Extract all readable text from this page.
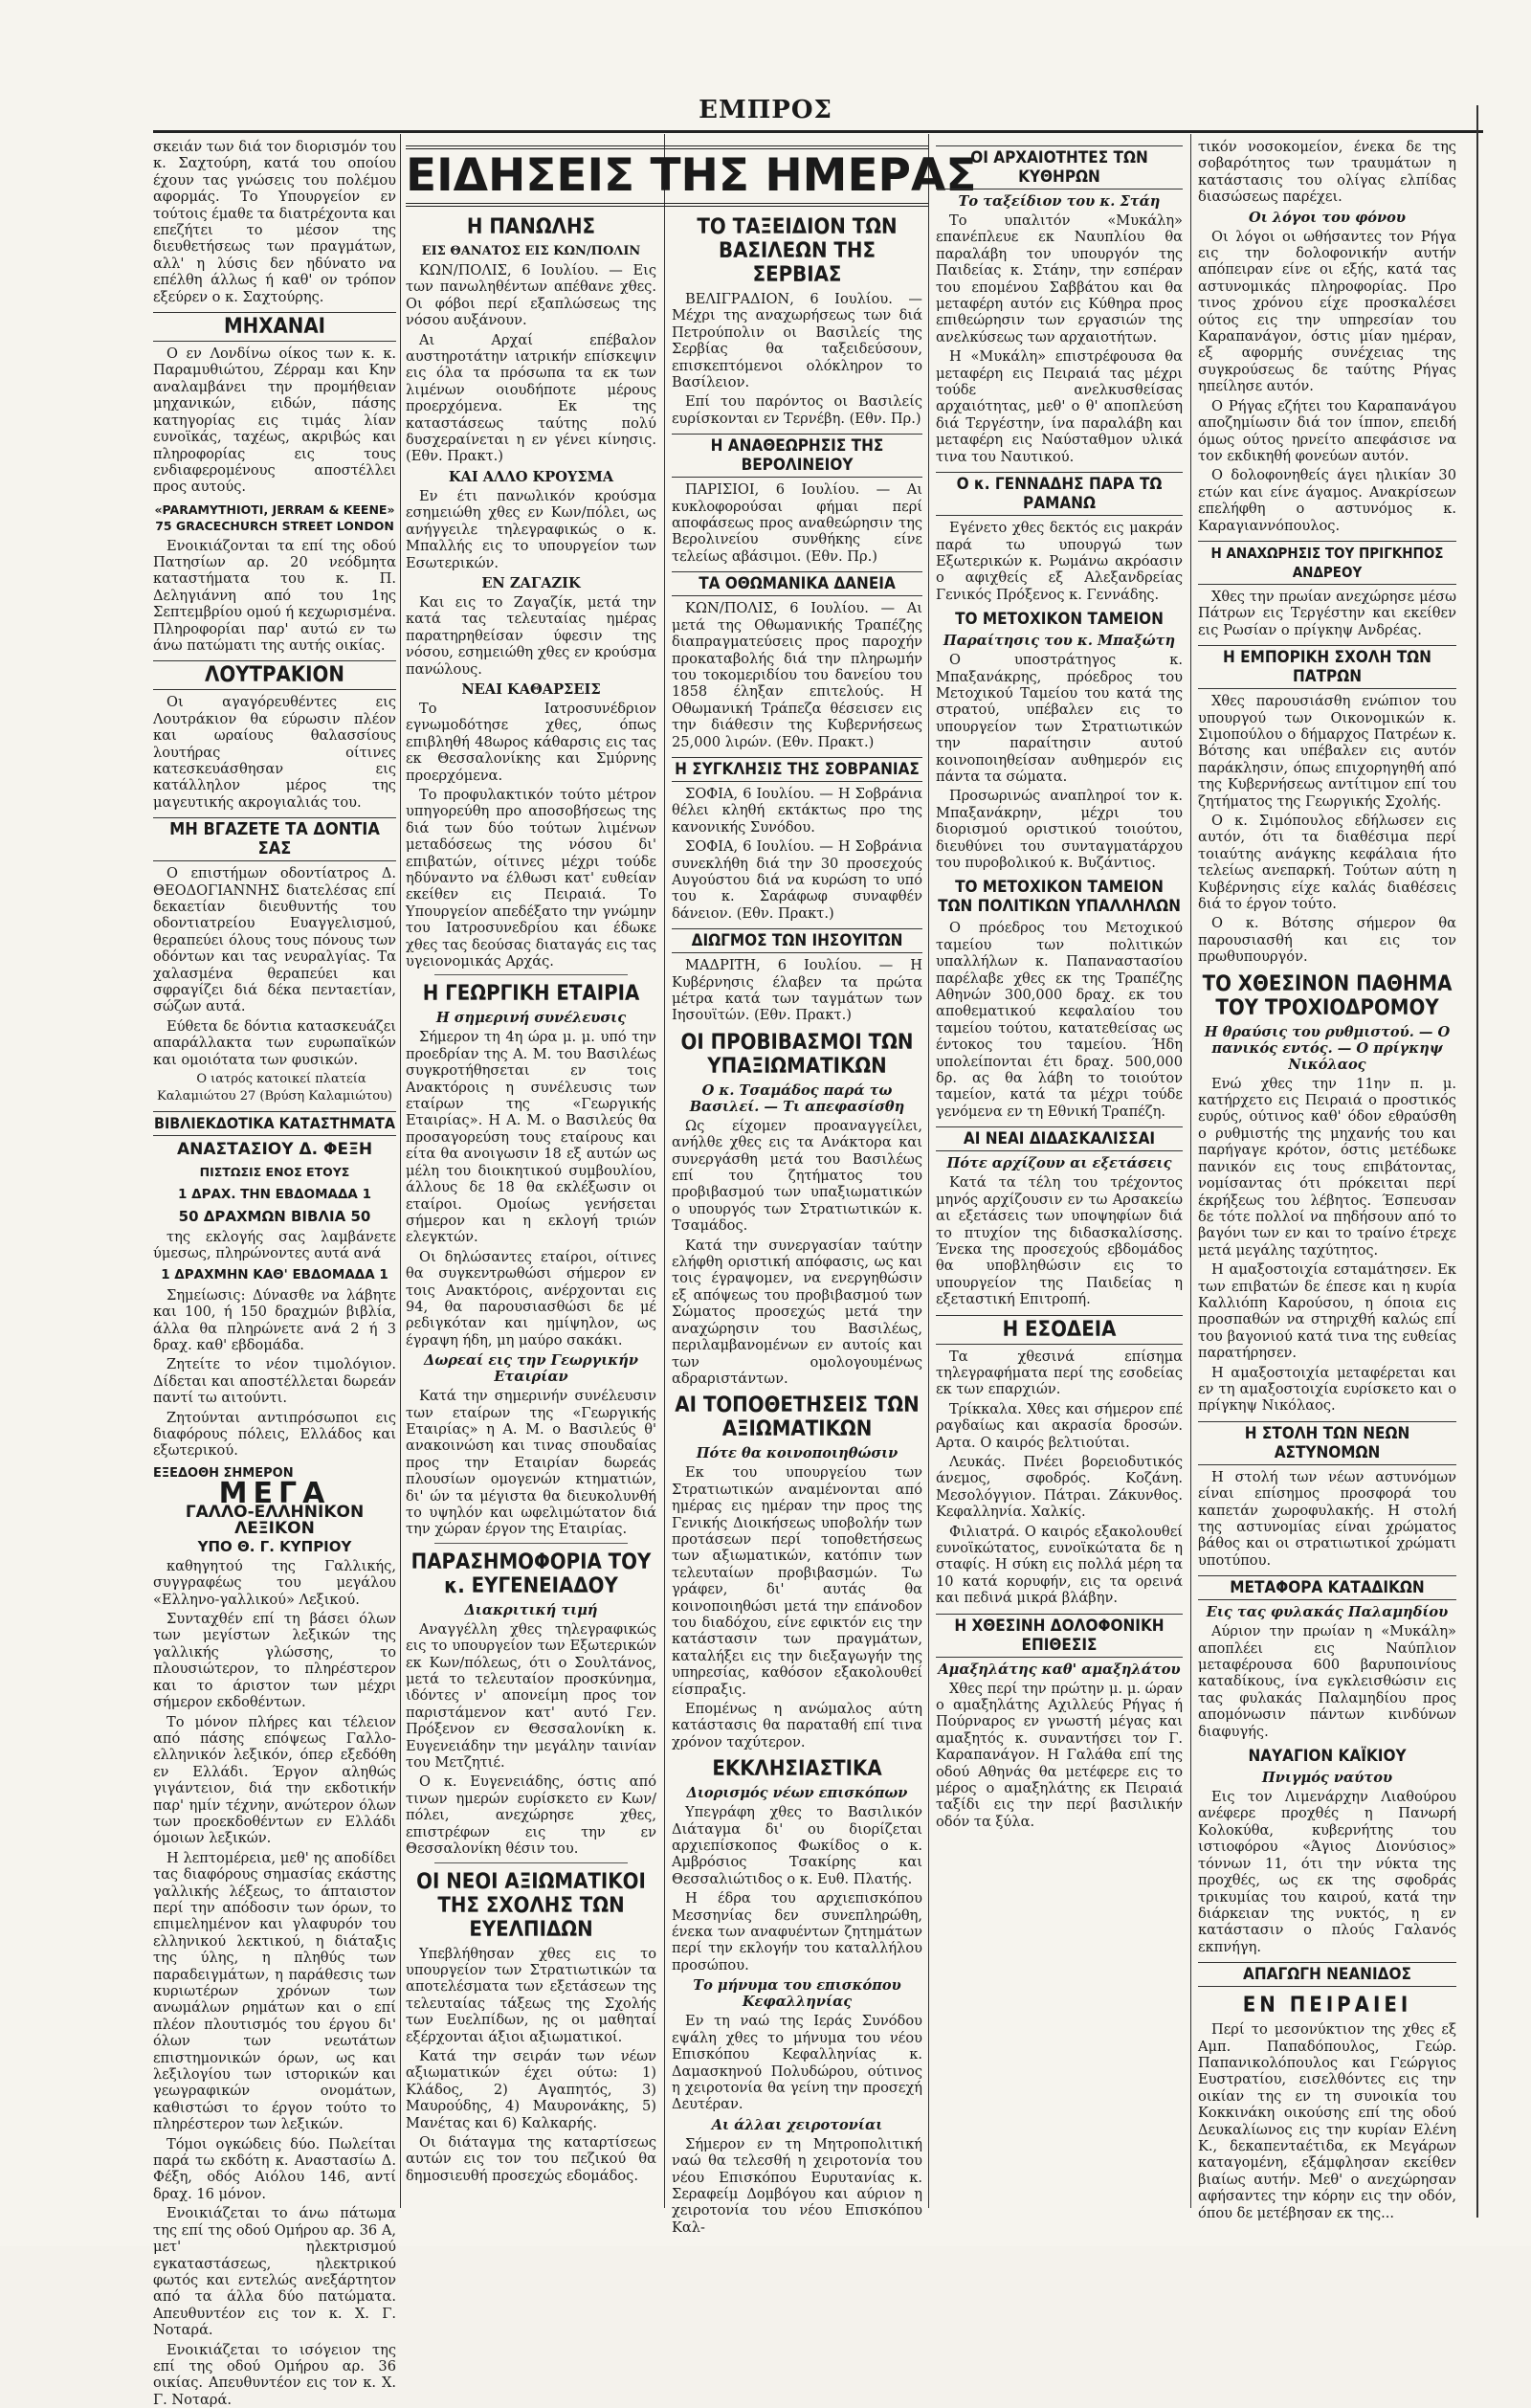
ΕΜΠΡΟΣ

σκειάν των διά τον διορισμόν του κ. Σαχτούρη, κατά του οποίου έχουν τας γνώσεις του πολέμου αφορμάς. Το Υπουργείον εν τούτοις έμαθε τα διατρέχοντα και επεζήτει το μέσον της διευθετήσεως των πραγμάτων, αλλ' η λύσις δεν ηδύνατο να επέλθη άλλως ή καθ' ον τρόπον εξεύρεν ο κ. Σαχτούρης.

ΜΗΧΑΝΑΙ

Ο εν Λονδίνω οίκος των κ. κ. Παραμυθιώτου, Ζέρραμ και Κην αναλαμβάνει την προμήθειαν μηχανικών, ειδών, πάσης κατηγορίας εις τιμάς λίαν ευνοϊκάς, ταχέως, ακριβώς και πληροφορίας εις τους ενδιαφερομένους αποστέλλει προς αυτούς.

«PARAMYTHIOTI, JERRAM & KEENE» 75 GRACECHURCH STREET LONDON

Ενοικιάζονται τα επί της οδού Πατησίων αρ. 20 νεόδμητα καταστήματα του κ. Π. Δεληγιάννη από του 1ης Σεπτεμβρίου ομού ή κεχωρισμένα. Πληροφορίαι παρ' αυτώ εν τω άνω πατώματι της αυτής οικίας.

ΛΟΥΤΡΑΚΙΟΝ

Οι αγαγόρευθέντες εις Λουτράκιον θα εύρωσιν πλέον και ωραίους θαλασσίους λουτήρας οίτινες κατεσκευάσθησαν εις κατάλληλον μέρος της μαγευτικής ακρογιαλιάς του.

ΜΗ ΒΓΑΖΕΤΕ ΤΑ ΔΟΝΤΙΑ ΣΑΣ

Ο επιστήμων οδοντίατρος Δ. ΘΕΟΔΟΓΙΑΝΝΗΣ διατελέσας επί δεκαετίαν διευθυντής του οδοντιατρείου Ευαγγελισμού, θεραπεύει όλους τους πόνους των οδόντων και τας νευραλγίας. Τα χαλασμένα θεραπεύει και σφραγίζει διά δέκα πενταετίαν, σώζων αυτά.

Εύθετα δε δόντια κατασκευάζει απαράλλακτα των ευρωπαϊκών και ομοιότατα των φυσικών.

Ο ιατρός κατοικεί πλατεία Καλαμιώτου 27 (Βρύση Καλαμιώτου)

ΒΙΒΛΙΕΚΔΟΤΙΚΑ ΚΑΤΑΣΤΗΜΑΤΑ
ΑΝΑΣΤΑΣΙΟΥ Δ. ΦΕΞΗ
ΠΙΣΤΩΣΙΣ ΕΝΟΣ ΕΤΟΥΣ
1 ΔΡΑΧ. ΤΗΝ ΕΒΔΟΜΑΔΑ 1
50 ΔΡΑΧΜΩΝ ΒΙΒΛΙΑ 50

της εκλογής σας λαμβάνετε ύμεσως, πληρώνοντες αυτά ανά

1 ΔΡΑΧΜΗΝ ΚΑΘ' ΕΒΔΟΜΑΔΑ 1

Σημείωσις: Δύνασθε να λάβητε και 100, ή 150 δραχμών βιβλία, άλλα θα πληρώνετε ανά 2 ή 3 δραχ. καθ' εβδομάδα.

Ζητείτε το νέον τιμολόγιον. Δίδεται και αποστέλλεται δωρεάν παντί τω αιτούντι.

Ζητούνται αντιπρόσωποι εις διαφόρους πόλεις, Ελλάδος και εξωτερικού.

ΕΞΕΔΟΘΗ ΣΗΜΕΡΟΝ
ΜΕΓΑ
ΓΑΛΛΟ-ΕΛΛΗΝΙΚΟΝ ΛΕΞΙΚΟΝ
ΥΠΟ Θ. Γ. ΚΥΠΡΙΟΥ

καθηγητού της Γαλλικής, συγγραφέως του μεγάλου «Ελληνο-γαλλικού» Λεξικού.

Συνταχθέν επί τη βάσει όλων των μεγίστων λεξικών της γαλλικής γλώσσης, το πλουσιώτερον, το πληρέστερον και το άριστον των μέχρι σήμερον εκδοθέντων.

Το μόνον πλήρες και τέλειον από πάσης επόψεως Γαλλο-ελληνικόν λεξικόν, όπερ εξεδόθη εν Ελλάδι. Έργον αληθώς γιγάντειον, διά την εκδοτικήν παρ' ημίν τέχνην, ανώτερον όλων των προεκδοθέντων εν Ελλάδι όμοιων λεξικών.

Η λεπτομέρεια, μεθ' ης αποδίδει τας διαφόρους σημασίας εκάστης γαλλικής λέξεως, το άπταιστον περί την απόδοσιν των όρων, το επιμελημένον και γλαφυρόν του ελληνικού λεκτικού, η διάταξις της ύλης, η πληθύς των παραδειγμάτων, η παράθεσις των κυριωτέρων χρόνων των ανωμάλων ρημάτων και ο επί πλέον πλουτισμός του έργου δι' όλων των νεωτάτων επιστημονικών όρων, ως και λεξιλογίου των ιστορικών και γεωγραφικών ονομάτων, καθιστώσι το έργον τούτο το πληρέστερον των λεξικών.

Τόμοι ογκώδεις δύο. Πωλείται παρά τω εκδότη κ. Αναστασίω Δ. Φέξη, οδός Αιόλου 146, αντί δραχ. 16 μόνον.

Ενοικιάζεται το άνω πάτωμα της επί της οδού Ομήρου αρ. 36 Α, μετ' ηλεκτρισμού εγκαταστάσεως, ηλεκτρικού φωτός και εντελώς ανεξάρτητον από τα άλλα δύο πατώματα. Απευθυντέον εις τον κ. Χ. Γ. Νοταρά.

Ενοικιάζεται το ισόγειον της επί της οδού Ομήρου αρ. 36 οικίας. Απευθυντέον εις τον κ. Χ. Γ. Νοταρά.

ΕΙΔΗΣΕΙΣ ΤΗΣ ΗΜΕΡΑΣ
Η ΠΑΝΩΛΗΣ
ΕΙΣ ΘΑΝΑΤΟΣ ΕΙΣ ΚΩΝ/ΠΟΛΙΝ

ΚΩΝ/ΠΟΛΙΣ, 6 Ιουλίου. — Εις των πανωληθέντων απέθανε χθες. Οι φόβοι περί εξαπλώσεως της νόσου αυξάνουν.

Αι Αρχαί επέβαλον αυστηροτάτην ιατρικήν επίσκεψιν εις όλα τα πρόσωπα τα εκ των λιμένων οιουδήποτε μέρους προερχόμενα. Εκ της καταστάσεως ταύτης πολύ δυσχεραίνεται η εν γένει κίνησις. (Εθν. Πρακτ.)

ΚΑΙ ΑΛΛΟ ΚΡΟΥΣΜΑ

Εν έτι πανωλικόν κρούσμα εσημειώθη χθες εν Κων/πόλει, ως ανήγγειλε τηλεγραφικώς ο κ. Μπαλλής εις το υπουργείον των Εσωτερικών.

ΕΝ ΖΑΓΑΖΙΚ

Και εις το Ζαγαζίκ, μετά την κατά τας τελευταίας ημέρας παρατηρηθείσαν ύφεσιν της νόσου, εσημειώθη χθες εν κρούσμα πανώλους.

ΝΕΑΙ ΚΑΘΑΡΣΕΙΣ

Το Ιατροσυνέδριον εγνωμοδότησε χθες, όπως επιβληθή 48ωρος κάθαρσις εις τας εκ Θεσσαλονίκης και Σμύρνης προερχόμενα.

Το προφυλακτικόν τούτο μέτρον υπηγορεύθη προ αποσοβήσεως της διά των δύο τούτων λιμένων μεταδόσεως της νόσου δι' επιβατών, οίτινες μέχρι τούδε ηδύναντο να έλθωσι κατ' ευθείαν εκείθεν εις Πειραιά. Το Υπουργείον απεδέξατο την γνώμην του Ιατροσυνεδρίου και έδωκε χθες τας δεούσας διαταγάς εις τας υγειονομικάς Αρχάς.

Η ΓΕΩΡΓΙΚΗ ΕΤΑΙΡΙΑ
Η σημερινή συνέλευσις

Σήμερον τη 4η ώρα μ. μ. υπό την προεδρίαν της Α. Μ. του Βασιλέως συγκροτήθησεται εν τοις Ανακτόροις η συνέλευσις των εταίρων της «Γεωργικής Εταιρίας». Η Α. Μ. ο Βασιλεύς θα προσαγορεύση τους εταίρους και είτα θα ανοιγωσιν 18 εξ αυτών ως μέλη του διοικητικού συμβουλίου, άλλους δε 18 θα εκλέξωσιν οι εταίροι. Ομοίως γενήσεται σήμερον και η εκλογή τριών ελεγκτών.

Οι δηλώσαντες εταίροι, οίτινες θα συγκεντρωθώσι σήμερον εν τοις Ανακτόροις, ανέρχονται εις 94, θα παρουσιασθώσι δε μέ ρεδιγκόταν και ημίψηλον, ως έγραψη ήδη, μη μαύρο σακάκι.

Δωρεαί εις την Γεωργικήν Εταιρίαν

Κατά την σημερινήν συνέλευσιν των εταίρων της «Γεωργικής Εταιρίας» η Α. Μ. ο Βασιλεύς θ' ανακοινώση και τινας σπουδαίας προς την Εταιρίαν δωρεάς πλουσίων ομογενών κτηματιών, δι' ών τα μέγιστα θα διευκολυνθή το υψηλόν και ωφελιμώτατον διά την χώραν έργον της Εταιρίας.

ΠΑΡΑΣΗΜΟΦΟΡΙΑ ΤΟΥ κ. ΕΥΓΕΝΕΙΑΔΟΥ
Διακριτική τιμή

Αναγγέλλη χθες τηλεγραφικώς εις το υπουργείον των Εξωτερικών εκ Κων/πόλεως, ότι ο Σουλτάνος, μετά το τελευταίον προσκύνημα, ιδόντες ν' απονείμη προς τον παριστάμενον κατ' αυτό Γεν. Πρόξενον εν Θεσσαλονίκη κ. Ευγενειάδην την μεγάλην ταινίαν του Μετζητιέ.

Ο κ. Ευγενειάδης, όστις από τινων ημερών ευρίσκετο εν Κων/πόλει, ανεχώρησε χθες, επιστρέφων εις την εν Θεσσαλονίκη θέσιν του.

ΟΙ ΝΕΟΙ ΑΞΙΩΜΑΤΙΚΟΙ ΤΗΣ ΣΧΟΛΗΣ ΤΩΝ ΕΥΕΛΠΙΔΩΝ

Υπεβλήθησαν χθες εις το υπουργείον των Στρατιωτικών τα αποτελέσματα των εξετάσεων της τελευταίας τάξεως της Σχολής των Ευελπίδων, ης οι μαθηταί εξέρχονται άξιοι αξιωματικοί.

Κατά την σειράν των νέων αξιωματικών έχει ούτω: 1) Κλάδος, 2) Αγαπητός, 3) Μαυρούδης, 4) Μαυρονάκης, 5) Μανέτας και 6) Καλκαρής.

Οι διάταγμα της καταρτίσεως αυτών εις τον του πεζικού θα δημοσιευθή προσεχώς εδομάδος.

ΤΟ ΤΑΞΕΙΔΙΟΝ ΤΩΝ ΒΑΣΙΛΕΩΝ ΤΗΣ ΣΕΡΒΙΑΣ

ΒΕΛΙΓΡΑΔΙΟΝ, 6 Ιουλίου. — Μέχρι της αναχωρήσεως των διά Πετρούπολιν οι Βασιλείς της Σερβίας θα ταξειδεύσουν, επισκεπτόμενοι ολόκληρον το Βασίλειον.

Επί του παρόντος οι Βασιλείς ευρίσκονται εν Τερνέβη. (Εθν. Πρ.)

Η ΑΝΑΘΕΩΡΗΣΙΣ ΤΗΣ ΒΕΡΟΛΙΝΕΙΟΥ

ΠΑΡΙΣΙΟΙ, 6 Ιουλίου. — Αι κυκλοφορούσαι φήμαι περί αποφάσεως προς αναθεώρησιν της Βερολινείου συνθήκης είνε τελείως αβάσιμοι. (Εθν. Πρ.)

ΤΑ ΟΘΩΜΑΝΙΚΑ ΔΑΝΕΙΑ

ΚΩΝ/ΠΟΛΙΣ, 6 Ιουλίου. — Αι μετά της Οθωμανικής Τραπέζης διαπραγματεύσεις προς παροχήν προκαταβολής διά την πληρωμήν του τοκομεριδίου του δανείου του 1858 έληξαν επιτελούς. Η Οθωμανική Τράπεζα θέσεισεν εις την διάθεσιν της Κυβερνήσεως 25,000 λιρών. (Εθν. Πρακτ.)

Η ΣΥΓΚΛΗΣΙΣ ΤΗΣ ΣΟΒΡΑΝΙΑΣ

ΣΟΦΙΑ, 6 Ιουλίου. — Η Σοβράνια θέλει κληθή εκτάκτως προ της κανονικής Συνόδου.

ΣΟΦΙΑ, 6 Ιουλίου. — Η Σοβράνια συνεκλήθη διά την 30 προσεχούς Αυγούστου διά να κυρώση το υπό του κ. Σαράφωφ συναφθέν δάνειον. (Εθν. Πρακτ.)

ΔΙΩΓΜΟΣ ΤΩΝ ΙΗΣΟΥΙΤΩΝ

ΜΑΔΡΙΤΗ, 6 Ιουλίου. — Η Κυβέρνησις έλαβεν τα πρώτα μέτρα κατά των ταγμάτων των Ιησουϊτών. (Εθν. Πρακτ.)

ΟΙ ΠΡΟΒΙΒΑΣΜΟΙ ΤΩΝ ΥΠΑΞΙΩΜΑΤΙΚΩΝ
Ο κ. Τσαμάδος παρά τω Βασιλεί. — Τι απεφασίσθη

Ως είχομεν προαναγγείλει, ανήλθε χθες εις τα Ανάκτορα και συνεργάσθη μετά του Βασιλέως επί του ζητήματος του προβιβασμού των υπαξιωματικών ο υπουργός των Στρατιωτικών κ. Τσαμάδος.

Κατά την συνεργασίαν ταύτην ελήφθη οριστική απόφασις, ως και τοις έγραψομεν, να ενεργηθώσιν εξ απόψεως του προβιβασμού των Σώματος προσεχώς μετά την αναχώρησιν του Βασιλέως, περιλαμβανομένων εν αυτοίς και των ομολογουμένως αδραριστάντων.

ΑΙ ΤΟΠΟΘΕΤΗΣΕΙΣ ΤΩΝ ΑΞΙΩΜΑΤΙΚΩΝ
Πότε θα κοινοποιηθώσιν

Εκ του υπουργείου των Στρατιωτικών αναμένονται από ημέρας εις ημέραν την προς της Γενικής Διοικήσεως υποβολήν των προτάσεων περί τοποθετήσεως των αξιωματικών, κατόπιν των τελευταίων προβιβασμών. Τω γράφεν, δι' αυτάς θα κοινοποιηθώσι μετά την επάνοδον του διαδόχου, είνε εφικτόν εις την κατάστασιν των πραγμάτων, καταλήξει εις την διεξαγωγήν της υπηρεσίας, καθόσον εξακολουθεί είσπραξις.

Επομένως η ανώμαλος αύτη κατάστασις θα παραταθή επί τινα χρόνον ταχύτερον.

ΕΚΚΛΗΣΙΑΣΤΙΚΑ
Διορισμός νέων επισκόπων

Υπεγράφη χθες το Βασιλικόν Διάταγμα δι' ου διορίζεται αρχιεπίσκοπος Φωκίδος ο κ. Αμβρόσιος Τσακίρης και Θεσσαλιώτιδος ο κ. Ευθ. Πλατής.

Η έδρα του αρχιεπισκόπου Μεσσηνίας δεν συνεπληρώθη, ένεκα των αναφυέντων ζητημάτων περί την εκλογήν του καταλλήλου προσώπου.

Το μήνυμα του επισκόπου Κεφαλληνίας

Εν τη ναώ της Ιεράς Συνόδου εψάλη χθες το μήνυμα του νέου Επισκόπου Κεφαλληνίας κ. Δαμασκηνού Πολυδώρου, ούτινος η χειροτονία θα γείνη την προσεχή Δευτέραν.

Αι άλλαι χειροτονίαι

Σήμερον εν τη Μητροπολιτική ναώ θα τελεσθή η χειροτονία του νέου Επισκόπου Ευρυτανίας κ. Σεραφείμ Δομβόγου και αύριον η χειροτονία του νέου Επισκόπου Καλ-

ΟΙ ΑΡΧΑΙΟΤΗΤΕΣ ΤΩΝ ΚΥΘΗΡΩΝ
Το ταξείδιον του κ. Στάη

Το υπαλιτόν «Μυκάλη» επανέπλευε εκ Ναυπλίου θα παραλάβη τον υπουργόν της Παιδείας κ. Στάην, την εσπέραν του επομένου Σαββάτου και θα μεταφέρη αυτόν εις Κύθηρα προς επιθεώρησιν των εργασιών της ανελκύσεως των αρχαιοτήτων.

Η «Μυκάλη» επιστρέφουσα θα μεταφέρη εις Πειραιά τας μέχρι τούδε ανελκυσθείσας αρχαιότητας, μεθ' ο θ' αποπλεύση διά Τεργέστην, ίνα παραλάβη και μεταφέρη εις Ναύσταθμον υλικά τινα του Ναυτικού.

Ο κ. ΓΕΝΝΑΔΗΣ ΠΑΡΑ ΤΩ ΡΑΜΑΝΩ

Εγένετο χθες δεκτός εις μακράν παρά τω υπουργώ των Εξωτερικών κ. Ρωμάνω ακρόασιν ο αφιχθείς εξ Αλεξανδρείας Γενικός Πρόξενος κ. Γεννάδης.

ΤΟ ΜΕΤΟΧΙΚΟΝ ΤΑΜΕΙΟΝ
Παραίτησις του κ. Μπαξώτη

Ο υποστράτηγος κ. Μπαξανάκρης, πρόεδρος του Μετοχικού Ταμείου του κατά της στρατού, υπέβαλεν εις το υπουργείον των Στρατιωτικών την παραίτησιν αυτού κοινοποιηθείσαν αυθημερόν εις πάντα τα σώματα.

Προσωρινώς αναπληροί τον κ. Μπαξανάκρην, μέχρι του διορισμού οριστικού τοιούτου, διευθύνει του συνταγματάρχου του πυροβολικού κ. Βυζάντιος.

ΤΟ ΜΕΤΟΧΙΚΟΝ ΤΑΜΕΙΟΝ ΤΩΝ ΠΟΛΙΤΙΚΩΝ ΥΠΑΛΛΗΛΩΝ

Ο πρόεδρος του Μετοχικού ταμείου των πολιτικών υπαλλήλων κ. Παπαναστασίου παρέλαβε χθες εκ της Τραπέζης Αθηνών 300,000 δραχ. εκ του αποθεματικού κεφαλαίου του ταμείου τούτου, κατατεθείσας ως έντοκος του ταμείου. Ήδη υπολείπονται έτι δραχ. 500,000 δρ. ας θα λάβη το τοιούτον ταμείον, κατά τα μέχρι τούδε γενόμενα εν τη Εθνική Τραπέζη.

ΑΙ ΝΕΑΙ ΔΙΔΑΣΚΑΛΙΣΣΑΙ
Πότε αρχίζουν αι εξετάσεις

Κατά τα τέλη του τρέχοντος μηνός αρχίζουσιν εν τω Αρσακείω αι εξετάσεις των υποψηφίων διά το πτυχίον της διδασκαλίσσης. Ένεκα της προσεχούς εβδομάδος θα υποβληθώσιν εις το υπουργείον της Παιδείας η εξεταστική Επιτροπή.

Η ΕΣΟΔΕΙΑ

Τα χθεσινά επίσημα τηλεγραφήματα περί της εσοδείας εκ των επαρχιών.

Τρίκκαλα. Χθες και σήμερον επέ ραγδαίως και ακρασία δροσών. Αρτα. Ο καιρός βελτιούται.

Λευκάς. Πνέει βορειοδυτικός άνεμος, σφοδρός. Κοζάνη. Μεσολόγγιον. Πάτραι. Ζάκυνθος. Κεφαλληνία. Χαλκίς.

Φιλιατρά. Ο καιρός εξακολουθεί ευνοϊκώτατος, ευνοϊκώτατα δε η σταφίς. Η σύκη εις πολλά μέρη τα 10 κατά κορυφήν, εις τα ορεινά και πεδινά μικρά βλάβην.

Η ΧΘΕΣΙΝΗ ΔΟΛΟΦΟΝΙΚΗ ΕΠΙΘΕΣΙΣ
Αμαξηλάτης καθ' αμαξηλάτου

Χθες περί την πρώτην μ. μ. ώραν ο αμαξηλάτης Αχιλλεύς Ρήγας ή Πούρναρος εν γνωστή μέγας και αμαξητός κ. συναντήσει τον Γ. Καραπανάγον. Η Γαλάθα επί της οδού Αθηνάς θα μετέφερε εις το μέρος ο αμαξηλάτης εκ Πειραιά ταξίδι εις την περί βασιλικήν οδόν τα ξύλα.

τικόν νοσοκομείον, ένεκα δε της σοβαρότητος των τραυμάτων η κατάστασις του ολίγας ελπίδας διασώσεως παρέχει.

Οι λόγοι του φόνου

Οι λόγοι οι ωθήσαντες τον Ρήγα εις την δολοφονικήν αυτήν απόπειραν είνε οι εξής, κατά τας αστυνομικάς πληροφορίας. Προ τινος χρόνου είχε προσκαλέσει ούτος εις την υπηρεσίαν του Καραπανάγον, όστις μίαν ημέραν, εξ αφορμής συνέχειας της συγκρούσεως δε ταύτης Ρήγας ηπείλησε αυτόν.

Ο Ρήγας εζήτει του Καραπανάγου αποζημίωσιν διά τον ίππον, επειδή όμως ούτος ηρνείτο απεφάσισε να τον εκδικηθή φονεύων αυτόν.

Ο δολοφονηθείς άγει ηλικίαν 30 ετών και είνε άγαμος. Ανακρίσεων επελήφθη ο αστυνόμος κ. Καραγιαννόπουλος.

Η ΑΝΑΧΩΡΗΣΙΣ ΤΟΥ ΠΡΙΓΚΗΠΟΣ ΑΝΔΡΕΟΥ

Χθες την πρωίαν ανεχώρησε μέσω Πάτρων εις Τεργέστην και εκείθεν εις Ρωσίαν ο πρίγκηψ Ανδρέας.

Η ΕΜΠΟΡΙΚΗ ΣΧΟΛΗ ΤΩΝ ΠΑΤΡΩΝ

Χθες παρουσιάσθη ενώπιον του υπουργού των Οικονομικών κ. Σιμοπούλου ο δήμαρχος Πατρέων κ. Βότσης και υπέβαλεν εις αυτόν παράκλησιν, όπως επιχορηγηθή από της Κυβερνήσεως αντίτιμον επί του ζητήματος της Γεωργικής Σχολής.

Ο κ. Σιμόπουλος εδήλωσεν εις αυτόν, ότι τα διαθέσιμα περί τοιαύτης ανάγκης κεφάλαια ήτο τελείως ανεπαρκή. Τούτων αύτη η Κυβέρνησις είχε καλάς διαθέσεις διά το έργον τούτο.

Ο κ. Βότσης σήμερον θα παρουσιασθή και εις τον πρωθυπουργόν.

ΤΟ ΧΘΕΣΙΝΟΝ ΠΑΘΗΜΑ ΤΟΥ ΤΡΟΧΙΟΔΡΟΜΟΥ
Η θραύσις του ρυθμιστού. — Ο πανικός εντός. — Ο πρίγκηψ Νικόλαος

Ενώ χθες την 11ην π. μ. κατήρχετο εις Πειραιά ο προστικός ευρύς, ούτινος καθ' όδον εθραύσθη ο ρυθμιστής της μηχανής του και παρήγαγε κρότον, όστις μετέδωκε πανικόν εις τους επιβάτοντας, νομίσαντας ότι πρόκειται περί έκρήξεως του λέβητος. Έσπευσαν δε τότε πολλοί να πηδήσουν από το βαγόνι των εν και το τραίνο έτρεχε μετά μεγάλης ταχύτητος.

Η αμαξοστοιχία εσταμάτησεν. Εκ των επιβατών δε έπεσε και η κυρία Καλλιόπη Καρούσου, η όποια εις προσπαθών να στηριχθή καλώς επί του βαγονιού κατά τινα της ευθείας παρατήρησεν.

Η αμαξοστοιχία μεταφέρεται και εν τη αμαξοστοιχία ευρίσκετο και ο πρίγκηψ Νικόλαος.

Η ΣΤΟΛΗ ΤΩΝ ΝΕΩΝ ΑΣΤΥΝΟΜΩΝ

Η στολή των νέων αστυνόμων είναι επίσημος προσφορά του καπετάν χωροφυλακής. Η στολή της αστυνομίας είναι χρώματος βάθος και οι στρατιωτικοί χρώματι υποτύπου.

ΜΕΤΑΦΟΡΑ ΚΑΤΑΔΙΚΩΝ
Εις τας φυλακάς Παλαμηδίου

Αύριον την πρωίαν η «Μυκάλη» αποπλέει εις Ναύπλιον μεταφέρουσα 600 βαρυποινίους καταδίκους, ίνα εγκλεισθώσιν εις τας φυλακάς Παλαμηδίου προς απομόνωσιν πάντων κινδύνων διαφυγής.

ΝΑΥΑΓΙΟΝ ΚΑΪΚΙΟΥ
Πνιγμός ναύτου

Εις τον Λιμενάρχην Λιαθούρου ανέφερε προχθές η Πανωρή Κολοκύθα, κυβερνήτης του ιστιοφόρου «Άγιος Διονύσιος» τόννων 11, ότι την νύκτα της προχθές, ως εκ της σφοδράς τρικυμίας του καιρού, κατά την διάρκειαν της νυκτός, η εν κατάστασιν ο πλούς Γαλανός εκπνήγη.

ΑΠΑΓΩΓΗ ΝΕΑΝΙΔΟΣ
ΕΝ ΠΕΙΡΑΙΕΙ

Περί το μεσονύκτιον της χθες εξ Αμπ. Παπαδόπουλος, Γεώρ. Παπανικολόπουλος και Γεώργιος Ευστρατίου, εισελθόντες εις την οικίαν της εν τη συνοικία του Κοκκινάκη οικούσης επί της οδού Δευκαλίωνος εις την κυρίαν Ελένη Κ., δεκαπενταέτιδα, εκ Μεγάρων καταγομένη, εξάμφλησαν εκείθεν βιαίως αυτήν. Μεθ' ο ανεχώρησαν αφήσαντες την κόρην εις την οδόν, όπου δε μετέβησαν εκ της...
